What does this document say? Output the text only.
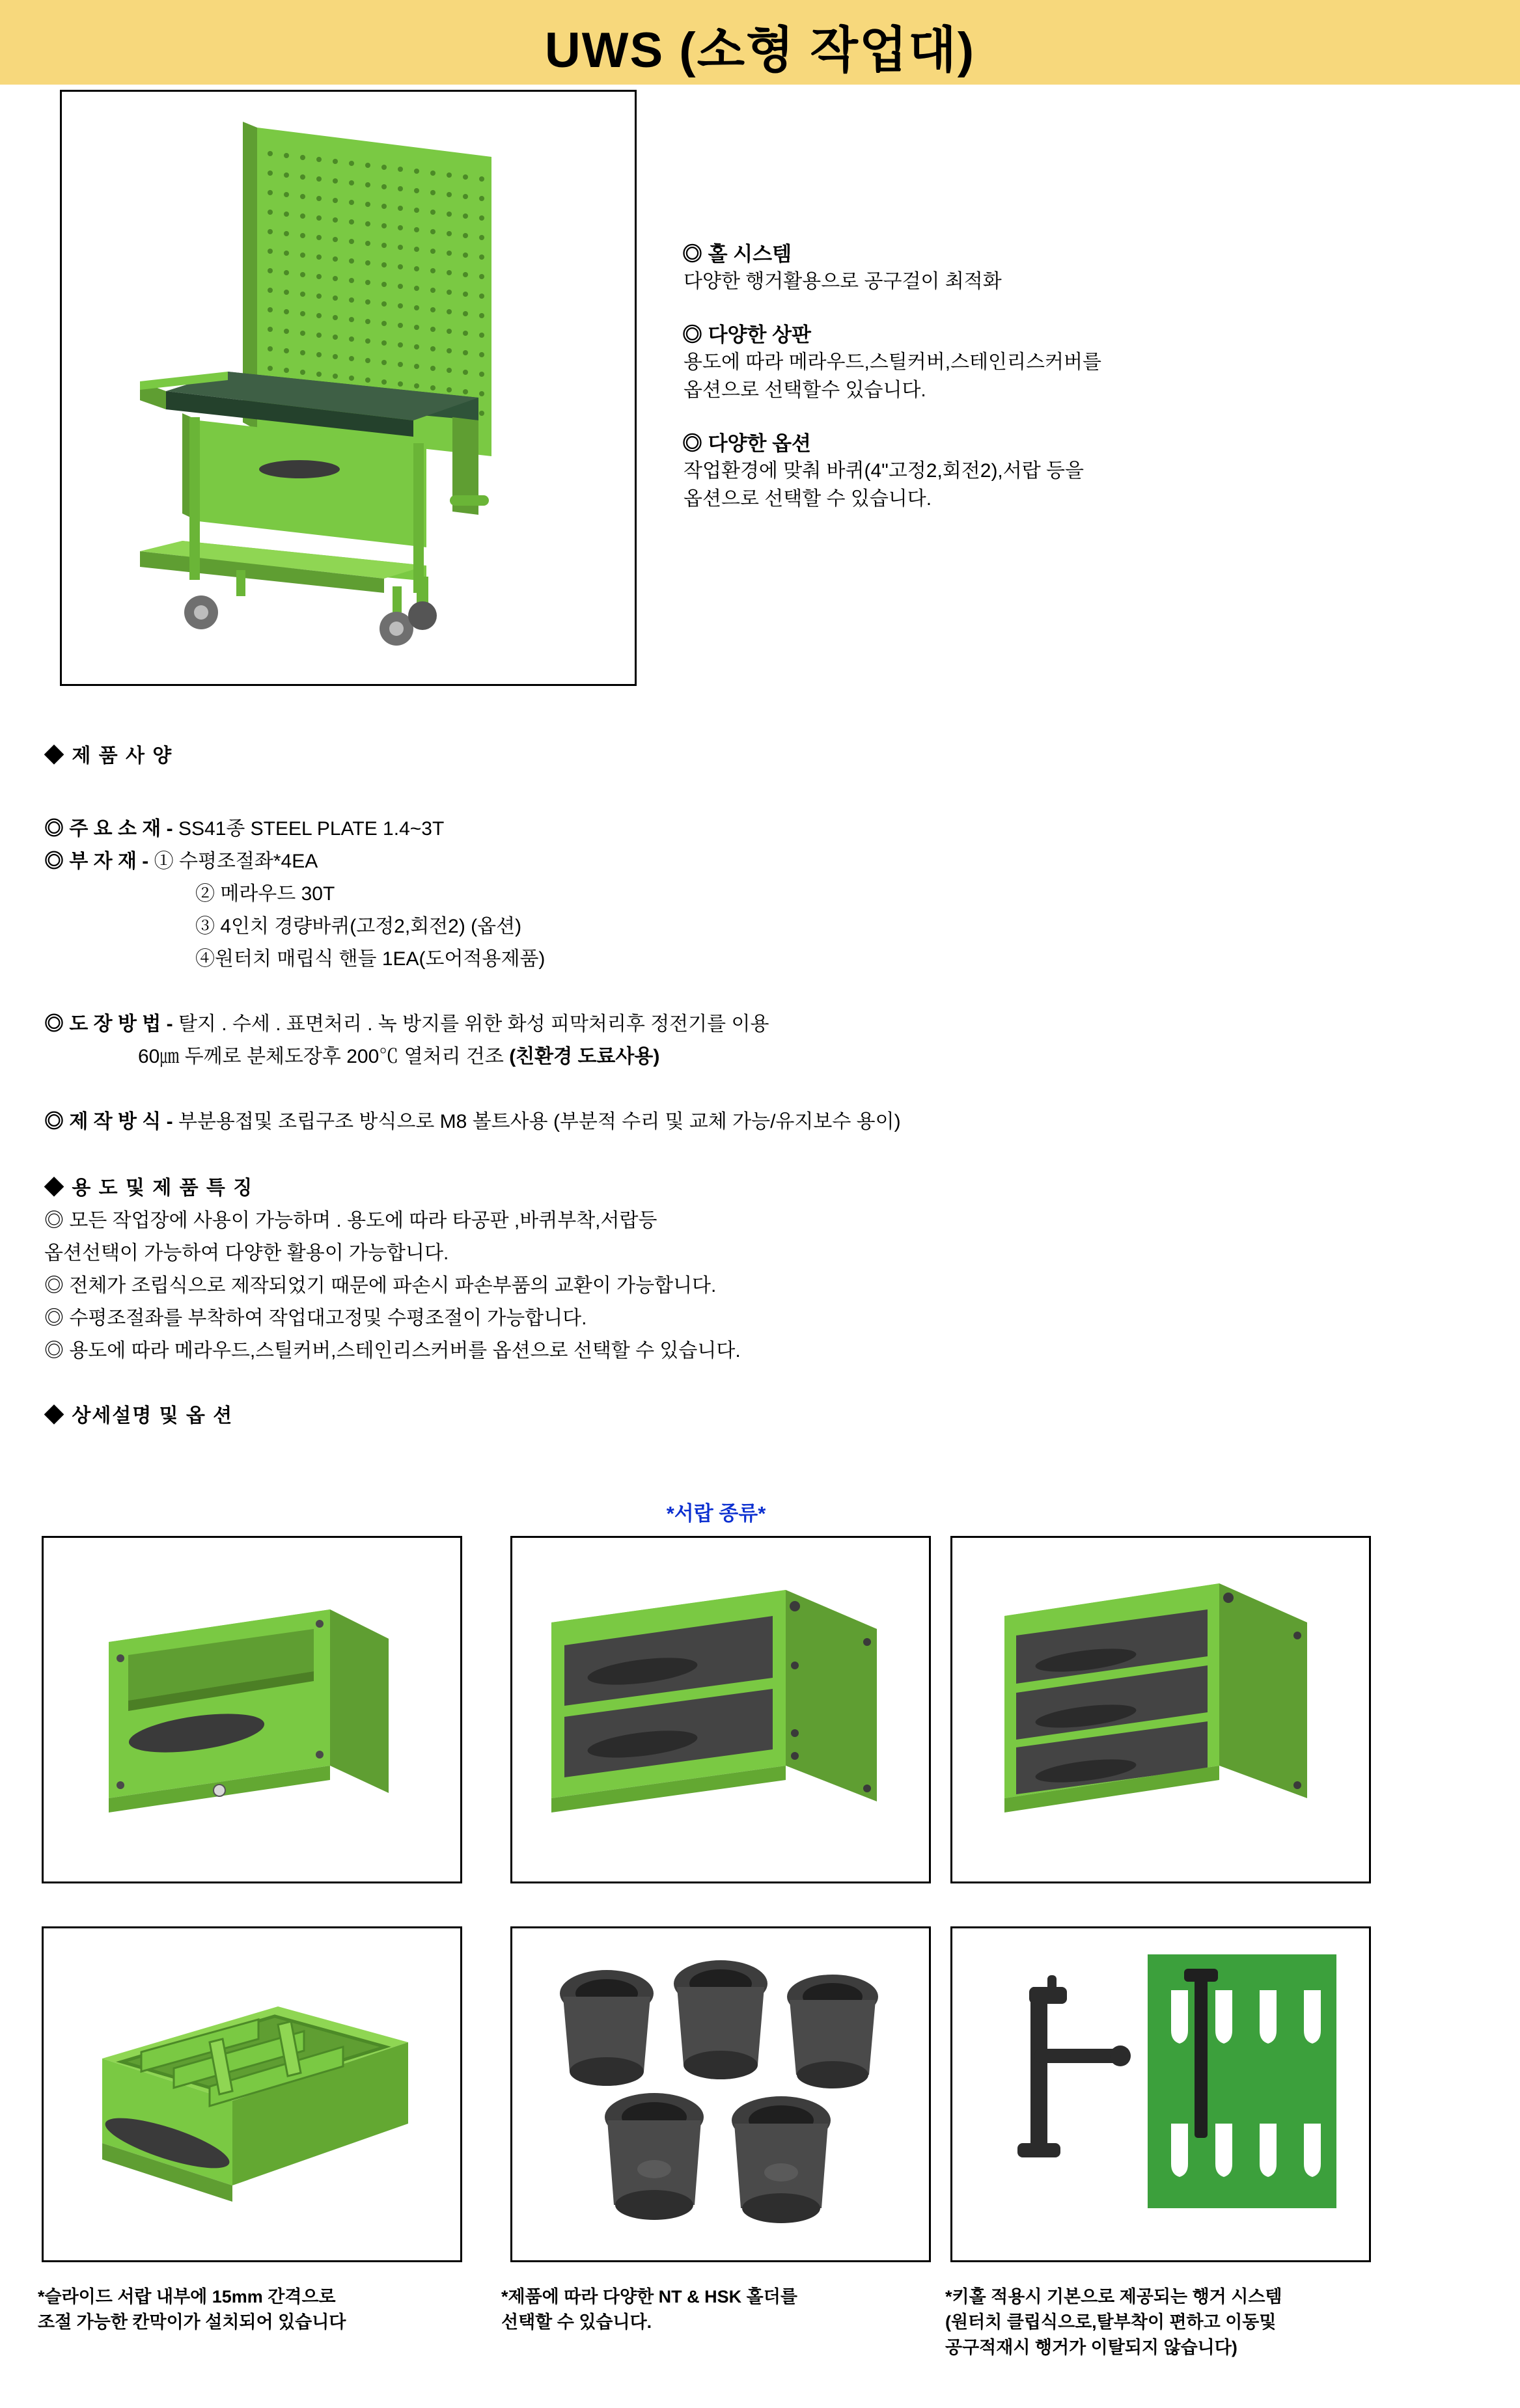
UWS (소형 작업대)
◎ 홀 시스템
다양한 행거활용으로 공구걸이 최적화
◎ 다양한 상판
용도에 따라 메라우드,스틸커버,스테인리스커버를
옵션으로 선택할수 있습니다.
◎ 다양한 옵션
작업환경에 맞춰 바퀴(4"고정2,회전2),서랍 등을
옵션으로 선택할 수 있습니다.
◆ 제 품 사 양
◎ 주 요 소 재 - SS41종 STEEL PLATE 1.4~3T
◎ 부 자 재 - ① 수평조절좌*4EA
② 메라우드 30T
③ 4인치 경량바퀴(고정2,회전2) (옵션)
④원터치 매립식 핸들 1EA(도어적용제품)
◎ 도 장 방 법 - 탈지 . 수세 . 표면처리 . 녹 방지를 위한 화성 피막처리후 정전기를 이용
60㎛ 두께로 분체도장후 200℃ 열처리 건조 (친환경 도료사용)
◎ 제 작 방 식 - 부분용접및 조립구조 방식으로 M8 볼트사용 (부분적 수리 및 교체 가능/유지보수 용이)
◆ 용 도 및 제 품 특 징
◎ 모든 작업장에 사용이 가능하며 . 용도에 따라 타공판 ,바퀴부착,서랍등
옵션선택이 가능하여 다양한 활용이 가능합니다.
◎ 전체가 조립식으로 제작되었기 때문에 파손시 파손부품의 교환이 가능합니다.
◎ 수평조절좌를 부착하여 작업대고정및 수평조절이 가능합니다.
◎ 용도에 따라 메라우드,스틸커버,스테인리스커버를 옵션으로 선택할 수 있습니다.
◆ 상세설명 및 옵 션
*서랍 종류*
*슬라이드 서랍 내부에 15mm 간격으로
조절 가능한 칸막이가 설치되어 있습니다
*제품에 따라 다양한 NT & HSK 홀더를
선택할 수 있습니다.
*키홀 적용시 기본으로 제공되는 행거 시스템
(원터치 클립식으로,탈부착이 편하고 이동및
공구적재시 행거가 이탈되지 않습니다)
